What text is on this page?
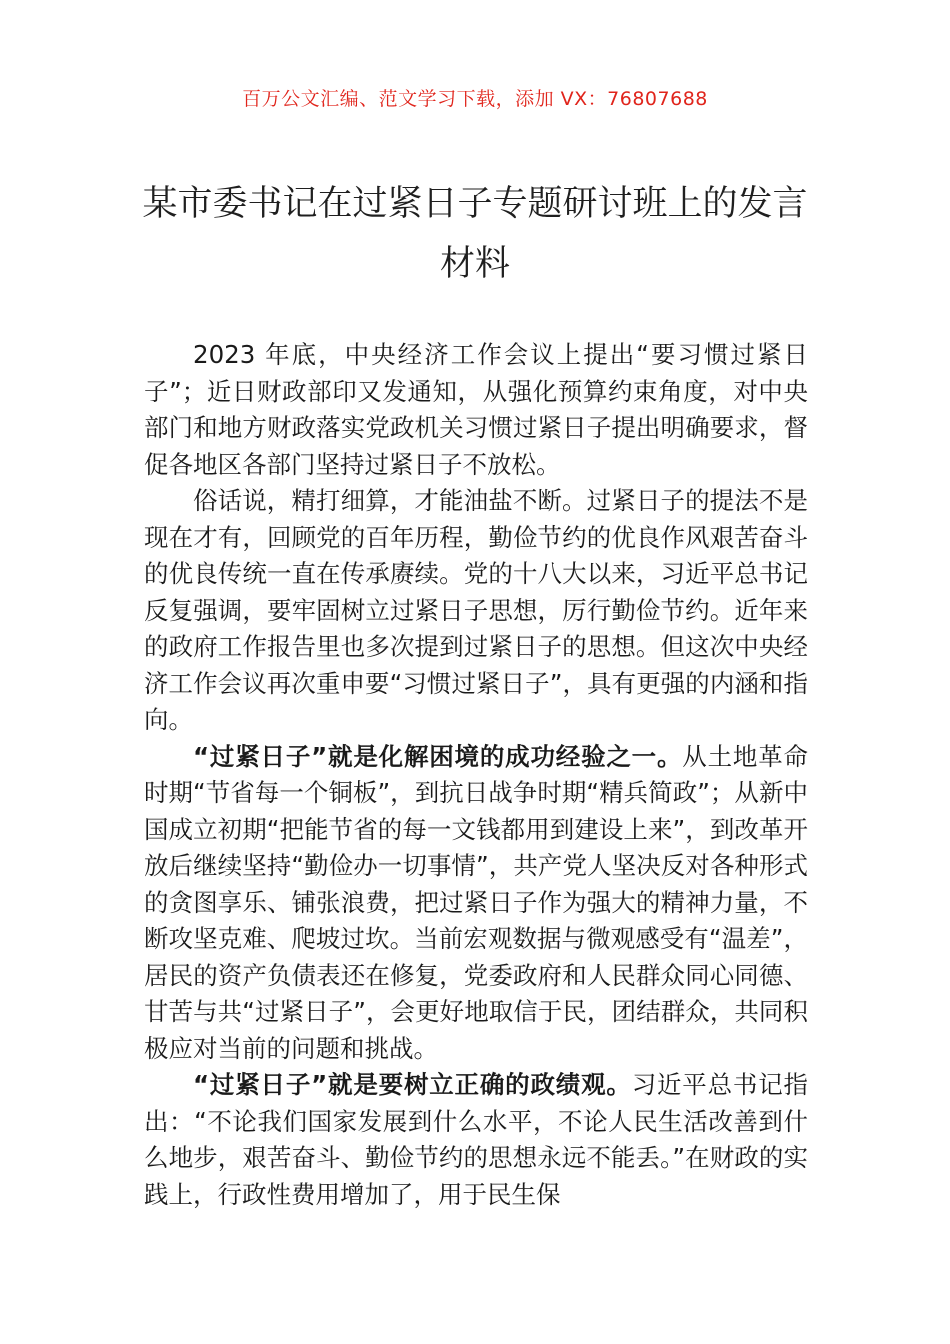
百万公文汇编、范文学习下载，添加 VX：76807688
某市委书记在过紧日子专题研讨班上的发言材料

2023 年底，中央经济工作会议上提出“要习惯过紧日子”；近日财政部印又发通知，从强化预算约束角度，对中央部门和地方财政落实党政机关习惯过紧日子提出明确要求，督促各地区各部门坚持过紧日子不放松。

俗话说，精打细算，才能油盐不断。过紧日子的提法不是现在才有，回顾党的百年历程，勤俭节约的优良作风艰苦奋斗的优良传统一直在传承赓续。党的十八大以来，习近平总书记反复强调，要牢固树立过紧日子思想，厉行勤俭节约。近年来的政府工作报告里也多次提到过紧日子的思想。但这次中央经济工作会议再次重申要“习惯过紧日子”，具有更强的内涵和指向。

“过紧日子”就是化解困境的成功经验之一。从土地革命时期“节省每一个铜板”，到抗日战争时期“精兵简政”；从新中国成立初期“把能节省的每一文钱都用到建设上来”，到改革开放后继续坚持“勤俭办一切事情”，共产党人坚决反对各种形式的贪图享乐、铺张浪费，把过紧日子作为强大的精神力量，不断攻坚克难、爬坡过坎。当前宏观数据与微观感受有“温差”，居民的资产负债表还在修复，党委政府和人民群众同心同德、甘苦与共“过紧日子”，会更好地取信于民，团结群众，共同积极应对当前的问题和挑战。

“过紧日子”就是要树立正确的政绩观。习近平总书记指出：“不论我们国家发展到什么水平，不论人民生活改善到什么地步，艰苦奋斗、勤俭节约的思想永远不能丢。”在财政的实践上，行政性费用增加了，用于民生保
